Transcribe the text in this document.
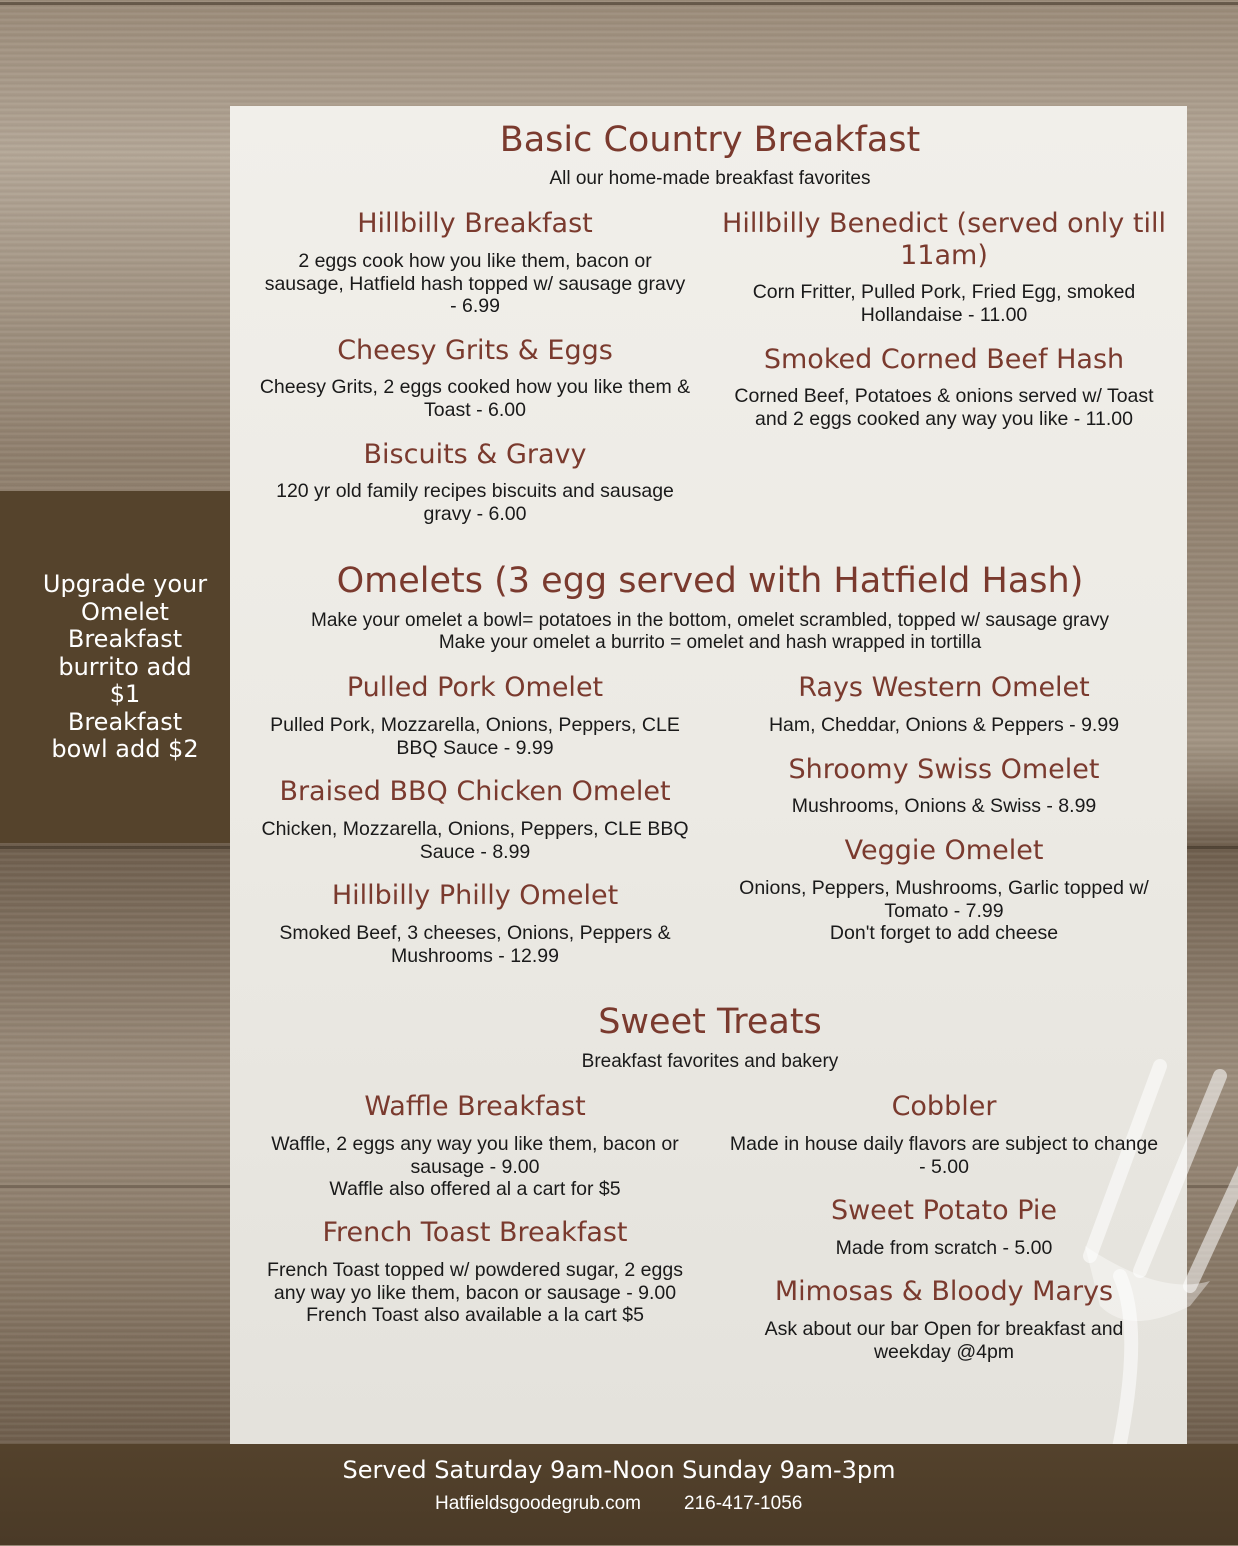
Basic Country Breakfast
All our home-made breakfast favorites
Hillbilly Breakfast
2 eggs cook how you like them, bacon or
sausage, Hatfield hash topped w/ sausage gravy
- 6.99
Cheesy Grits & Eggs
Cheesy Grits, 2 eggs cooked how you like them &
Toast - 6.00
Biscuits & Gravy
120 yr old family recipes biscuits and sausage
gravy - 6.00
Hillbilly Benedict (served only till
11am)
Corn Fritter, Pulled Pork, Fried Egg, smoked
Hollandaise - 11.00
Smoked Corned Beef Hash
Corned Beef, Potatoes & onions served w/ Toast
and 2 eggs cooked any way you like - 11.00
Omelets (3 egg served with Hatfield Hash)
Make your omelet a bowl= potatoes in the bottom, omelet scrambled, topped w/ sausage gravy
Make your omelet a burrito = omelet and hash wrapped in tortilla
Pulled Pork Omelet
Pulled Pork, Mozzarella, Onions, Peppers, CLE
BBQ Sauce - 9.99
Braised BBQ Chicken Omelet
Chicken, Mozzarella, Onions, Peppers, CLE BBQ
Sauce - 8.99
Hillbilly Philly Omelet
Smoked Beef, 3 cheeses, Onions, Peppers &
Mushrooms - 12.99
Rays Western Omelet
Ham, Cheddar, Onions & Peppers - 9.99
Shroomy Swiss Omelet
Mushrooms, Onions & Swiss - 8.99
Veggie Omelet
Onions, Peppers, Mushrooms, Garlic topped w/
Tomato - 7.99
Don't forget to add cheese
Sweet Treats
Breakfast favorites and bakery
Waffle Breakfast
Waffle, 2 eggs any way you like them, bacon or
sausage - 9.00
Waffle also offered al a cart for $5
French Toast Breakfast
French Toast topped w/ powdered sugar, 2 eggs
any way yo like them, bacon or sausage - 9.00
French Toast also available a la cart $5
Cobbler
Made in house daily flavors are subject to change
- 5.00
Sweet Potato Pie
Made from scratch - 5.00
Mimosas & Bloody Marys
Ask about our bar Open for breakfast and
weekday @4pm
Upgrade your
Omelet
Breakfast
burrito add
$1
Breakfast
bowl add $2
Served Saturday 9am-Noon Sunday 9am-3pm
Hatfieldsgoodegrub.com 216-417-1056
